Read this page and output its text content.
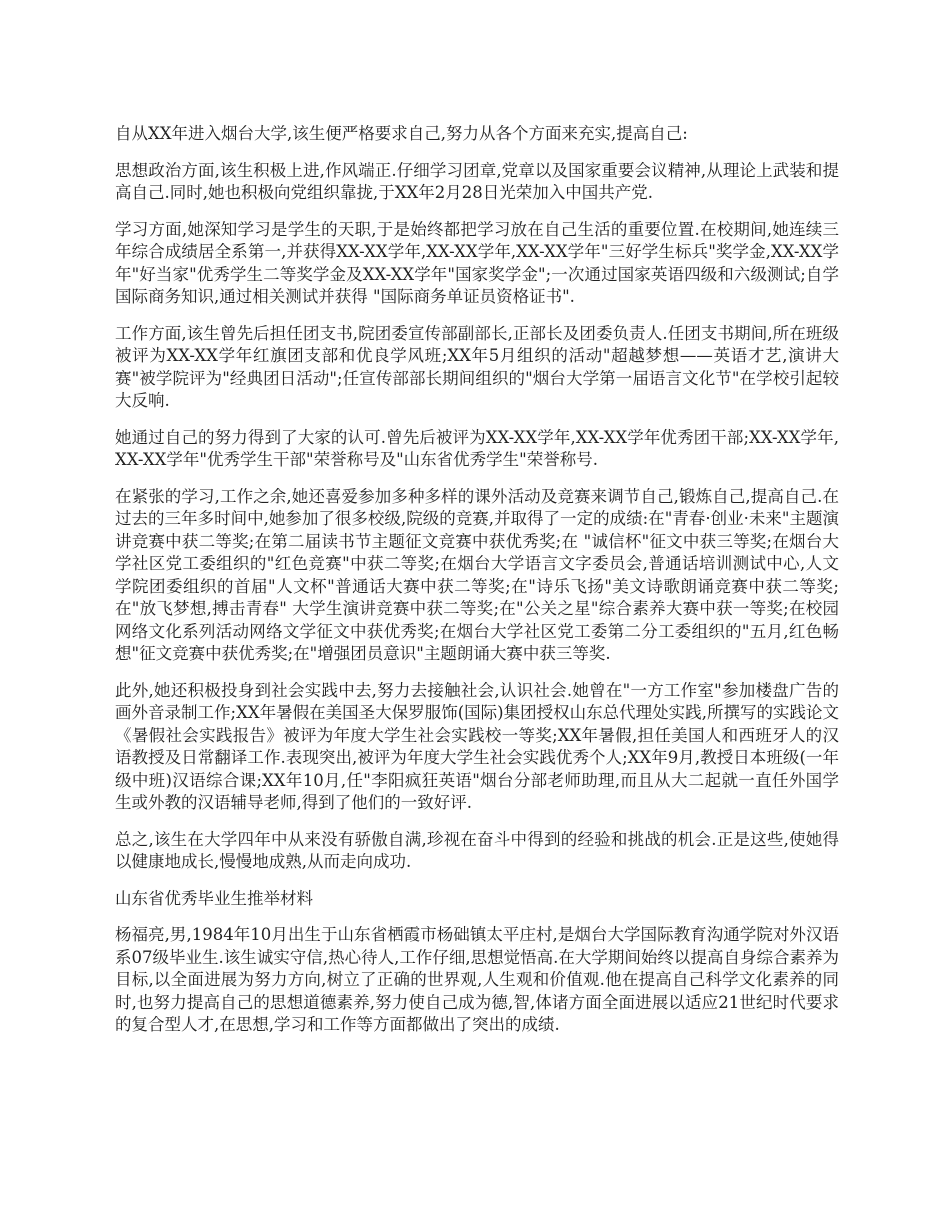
自从XX年进入烟台大学,该生便严格要求自己,努力从各个方面来充实,提高自己:

思想政治方面,该生积极上进,作风端正.仔细学习团章,党章以及国家重要会议精神,从理论上武装和提高自己.同时,她也积极向党组织靠拢,于XX年2月28日光荣加入中国共产党.

学习方面,她深知学习是学生的天职,于是始终都把学习放在自己生活的重要位置.在校期间,她连续三年综合成绩居全系第一,并获得XX-XX学年,XX-XX学年,XX-XX学年"三好学生标兵"奖学金,XX-XX学年"好当家"优秀学生二等奖学金及XX-XX学年"国家奖学金";一次通过国家英语四级和六级测试;自学国际商务知识,通过相关测试并获得 "国际商务单证员资格证书".

工作方面,该生曾先后担任团支书,院团委宣传部副部长,正部长及团委负责人.任团支书期间,所在班级被评为XX-XX学年红旗团支部和优良学风班;XX年5月组织的活动"超越梦想——英语才艺,演讲大赛"被学院评为"经典团日活动";任宣传部部长期间组织的"烟台大学第一届语言文化节"在学校引起较大反响.

她通过自己的努力得到了大家的认可.曾先后被评为XX-XX学年,XX-XX学年优秀团干部;XX-XX学年,XX-XX学年"优秀学生干部"荣誉称号及"山东省优秀学生"荣誉称号.

在紧张的学习,工作之余,她还喜爱参加多种多样的课外活动及竞赛来调节自己,锻炼自己,提高自己.在过去的三年多时间中,她参加了很多校级,院级的竞赛,并取得了一定的成绩:在"青春·创业·未来"主题演讲竞赛中获二等奖;在第二届读书节主题征文竞赛中获优秀奖;在 "诚信杯"征文中获三等奖;在烟台大学社区党工委组织的"红色竞赛"中获二等奖;在烟台大学语言文字委员会,普通话培训测试中心,人文学院团委组织的首届"人文杯"普通话大赛中获二等奖;在"诗乐飞扬"美文诗歌朗诵竞赛中获二等奖;在"放飞梦想,搏击青春" 大学生演讲竞赛中获二等奖;在"公关之星"综合素养大赛中获一等奖;在校园网络文化系列活动网络文学征文中获优秀奖;在烟台大学社区党工委第二分工委组织的"五月,红色畅想"征文竞赛中获优秀奖;在"增强团员意识"主题朗诵大赛中获三等奖.

此外,她还积极投身到社会实践中去,努力去接触社会,认识社会.她曾在"一方工作室"参加楼盘广告的画外音录制工作;XX年暑假在美国圣大保罗服饰(国际)集团授权山东总代理处实践,所撰写的实践论文《暑假社会实践报告》被评为年度大学生社会实践校一等奖;XX年暑假,担任美国人和西班牙人的汉语教授及日常翻译工作.表现突出,被评为年度大学生社会实践优秀个人;XX年9月,教授日本班级(一年级中班)汉语综合课;XX年10月,任"李阳疯狂英语"烟台分部老师助理,而且从大二起就一直任外国学生或外教的汉语辅导老师,得到了他们的一致好评.

总之,该生在大学四年中从来没有骄傲自满,珍视在奋斗中得到的经验和挑战的机会.正是这些,使她得以健康地成长,慢慢地成熟,从而走向成功.

山东省优秀毕业生推举材料

杨福亮,男,1984年10月出生于山东省栖霞市杨础镇太平庄村,是烟台大学国际教育沟通学院对外汉语系07级毕业生.该生诚实守信,热心待人,工作仔细,思想觉悟高.在大学期间始终以提高自身综合素养为目标,以全面进展为努力方向,树立了正确的世界观,人生观和价值观.他在提高自己科学文化素养的同时,也努力提高自己的思想道德素养,努力使自己成为德,智,体诸方面全面进展以适应21世纪时代要求的复合型人才,在思想,学习和工作等方面都做出了突出的成绩.
